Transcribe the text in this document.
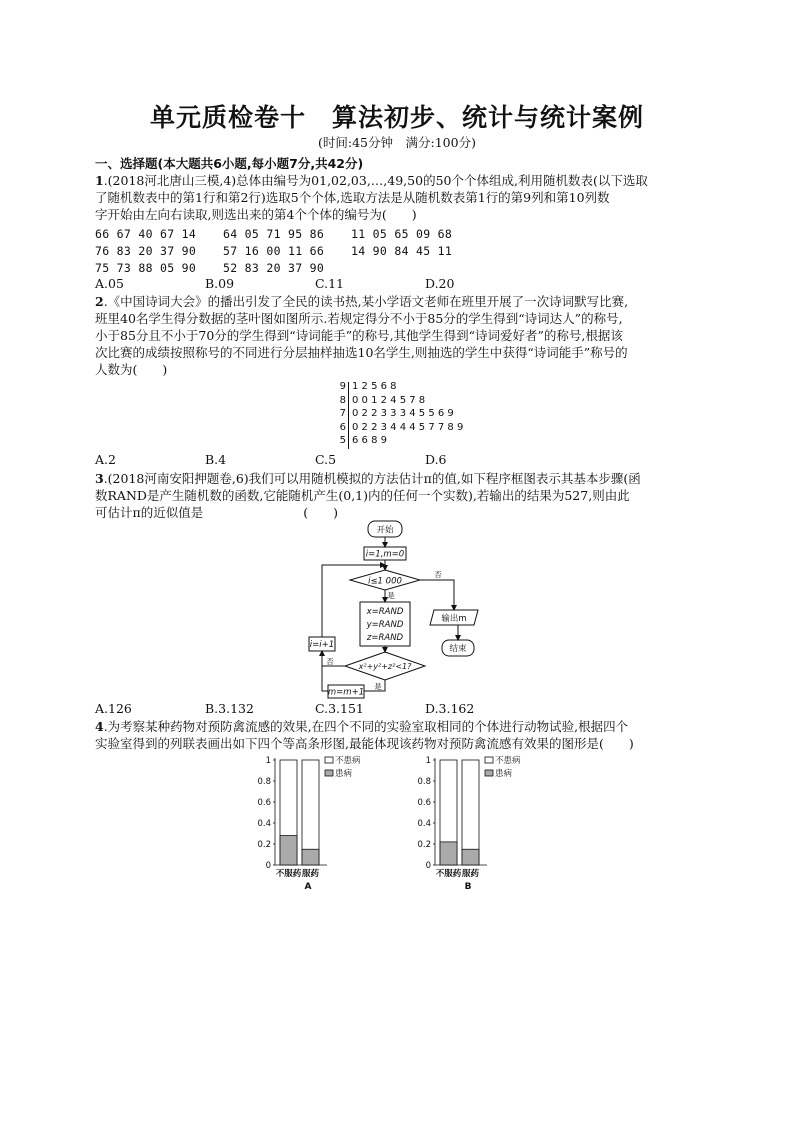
单元质检卷十　算法初步、统计与统计案例
(时间:45分钟　满分:100分)
一、选择题(本大题共6小题,每小题7分,共42分)
1.(2018河北唐山三模,4)总体由编号为01,02,03,…,49,50的50个个体组成,利用随机数表(以下选取
了随机数表中的第1行和第2行)选取5个个体,选取方法是从随机数表第1行的第9列和第10列数
字开始由左向右读取,则选出来的第4个个体的编号为(　　)
66 67 40 67 14 64 05 71 95 86 11 05 65 09 68
76 83 20 37 90 57 16 00 11 66 14 90 84 45 11
75 73 88 05 90 52 83 20 37 90
A.05	B.09	C.11	D.20
2.《中国诗词大会》的播出引发了全民的读书热,某小学语文老师在班里开展了一次诗词默写比赛,
班里40名学生得分数据的茎叶图如图所示.若规定得分不小于85分的学生得到“诗词达人”的称号,
小于85分且不小于70分的学生得到“诗词能手”的称号,其他学生得到“诗词爱好者”的称号,根据该
次比赛的成绩按照称号的不同进行分层抽样抽选10名学生,则抽选的学生中获得“诗词能手”称号的
人数为(　　)
9 1 2 5 6 8
8 0 0 1 2 4 5 7 8
7 0 2 2 3 3 3 4 5 5 6 9
6 0 2 2 3 4 4 4 5 7 7 8 9
5 6 6 8 9
A.2	B.4	C.5	D.6
3.(2018河南安阳押题卷,6)我们可以用随机模拟的方法估计π的值,如下程序框图表示其基本步骤(函
数RAND是产生随机数的函数,它能随机产生(0,1)内的任何一个实数),若输出的结果为527,则由此
可估计π的近似值是　　　　　　　　(　　)
开始
i=1,m=0
i≤1 000
是
否
x=RAND
y=RAND
z=RAND
x²+y²+z²<1?
否
是
m=m+1
i=i+1
输出m
结束
A.126	B.3.132	C.3.151	D.3.162
4.为考察某种药物对预防禽流感的效果,在四个不同的实验室取相同的个体进行动物试验,根据四个
实验室得到的列联表画出如下四个等高条形图,最能体现该药物对预防禽流感有效果的图形是(　　)
0
0.2
0.4
0.6
0.8
1
不服药 服药
不患病
患病
A
0
0.2
0.4
0.6
0.8
1
不服药 服药
不患病
患病
B
